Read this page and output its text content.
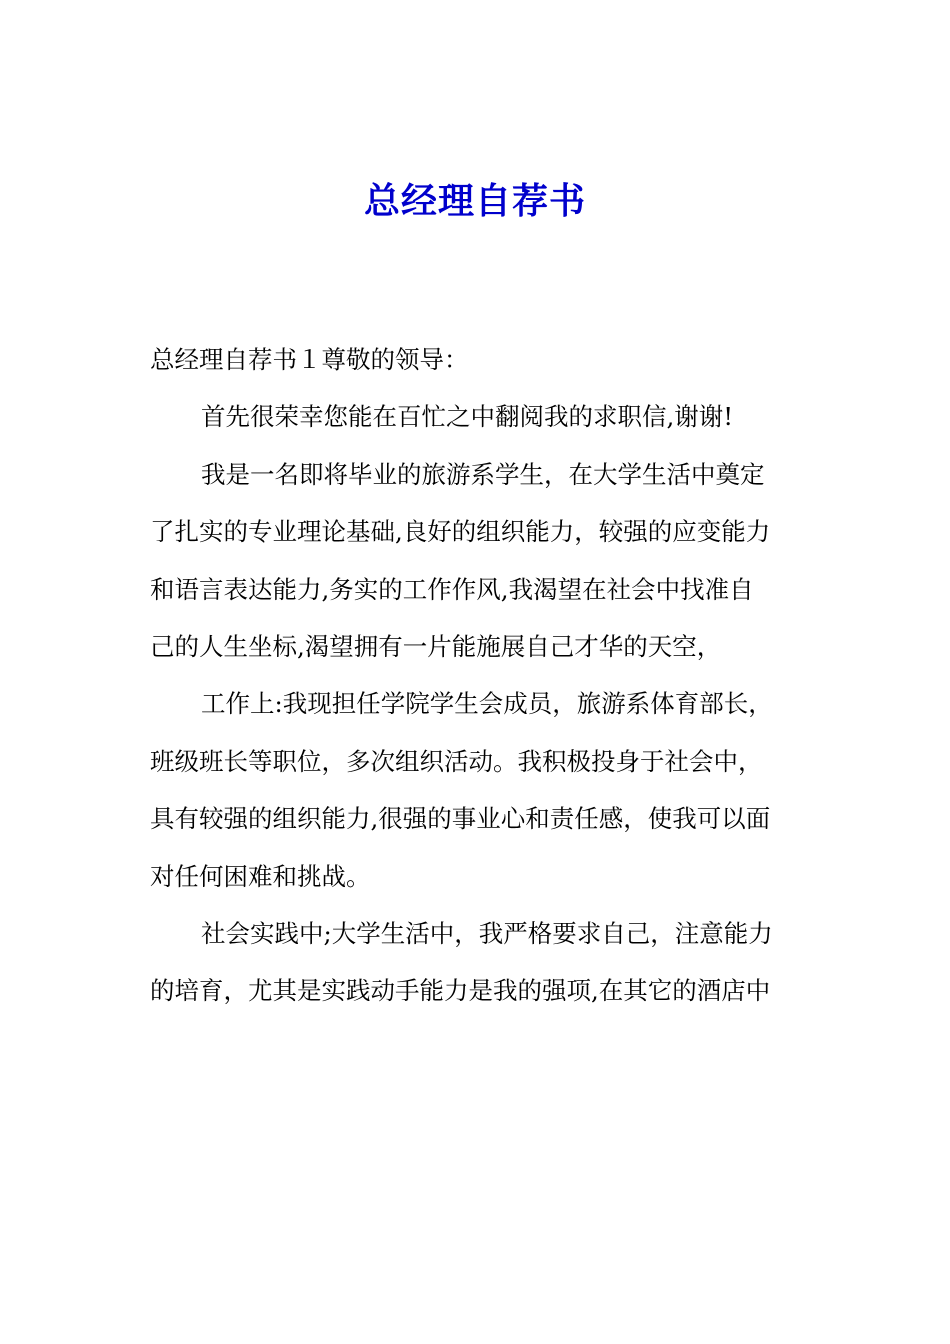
总经理自荐书
总经理自荐书１尊敬的领导：
首先很荣幸您能在百忙之中翻阅我的求职信,谢谢!
我是一名即将毕业的旅游系学生，在大学生活中奠定
了扎实的专业理论基础,良好的组织能力，较强的应变能力
和语言表达能力,务实的工作作风,我渴望在社会中找准自
己的人生坐标,渴望拥有一片能施展自己才华的天空，
工作上:我现担任学院学生会成员，旅游系体育部长，
班级班长等职位，多次组织活动。我积极投身于社会中，
具有较强的组织能力,很强的事业心和责任感，使我可以面
对任何困难和挑战。
社会实践中;大学生活中，我严格要求自己，注意能力
的培育，尤其是实践动手能力是我的强项,在其它的酒店中
